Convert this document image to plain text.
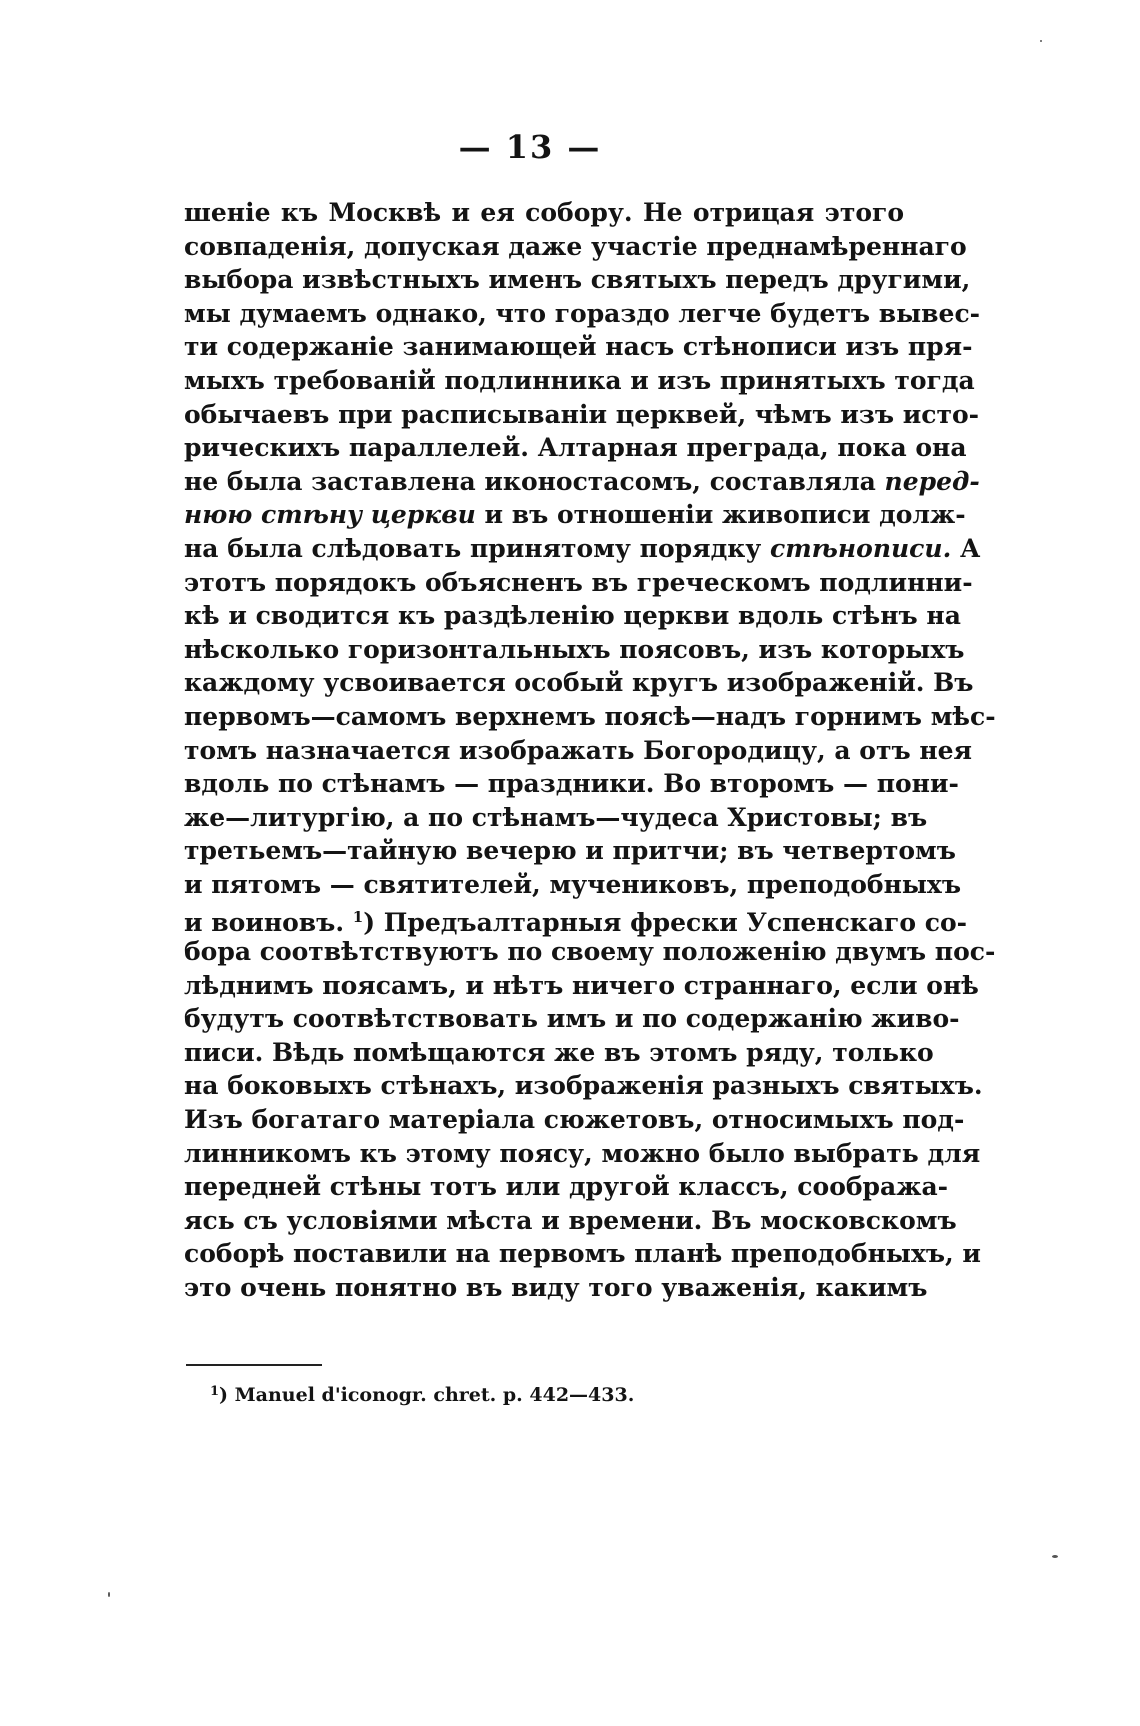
— 13 —
шеніе къ Москвѣ и ея собору. Не отрицая этого
совпаденія, допуская даже участіе преднамѣреннаго
выбора извѣстныхъ именъ святыхъ передъ другими,
мы думаемъ однако, что гораздо легче будетъ вывес-
ти содержаніе занимающей насъ стѣнописи изъ пря-
мыхъ требованій подлинника и изъ принятыхъ тогда
обычаевъ при расписываніи церквей, чѣмъ изъ исто-
рическихъ параллелей. Алтарная преграда, пока она
не была заставлена иконостасомъ, составляла перед-
нюю стѣну церкви и въ отношеніи живописи долж-
на была слѣдовать принятому порядку стѣнописи. А
этотъ порядокъ объясненъ въ греческомъ подлинни-
кѣ и сводится къ раздѣленію церкви вдоль стѣнъ на
нѣсколько горизонтальныхъ поясовъ, изъ которыхъ
каждому усвоивается особый кругъ изображеній. Въ
первомъ—самомъ верхнемъ поясѣ—надъ горнимъ мѣс-
томъ назначается изображать Богородицу, а отъ нея
вдоль по стѣнамъ — праздники. Во второмъ — пони-
же—литургію, а по стѣнамъ—чудеса Христовы; въ
третьемъ—тайную вечерю и притчи; въ четвертомъ
и пятомъ — святителей, мучениковъ, преподобныхъ
и воиновъ. $^1$) Предъалтарныя фрески Успенскаго со-
бора соотвѣтствуютъ по своему положенію двумъ пос-
лѣднимъ поясамъ, и нѣтъ ничего страннаго, если онѣ
будутъ соотвѣтствовать имъ и по содержанію живо-
писи. Вѣдь помѣщаются же въ этомъ ряду, только
на боковыхъ стѣнахъ, изображенія разныхъ святыхъ.
Изъ богатаго матеріала сюжетовъ, относимыхъ под-
линникомъ къ этому поясу, можно было выбрать для
передней стѣны тотъ или другой классъ, сообража-
ясь съ условіями мѣста и времени. Въ московскомъ
соборѣ поставили на первомъ планѣ преподобныхъ, и
это очень понятно въ виду того уваженія, какимъ
$^1$) Manuel d'iconogr. chret. p. 442—433.
